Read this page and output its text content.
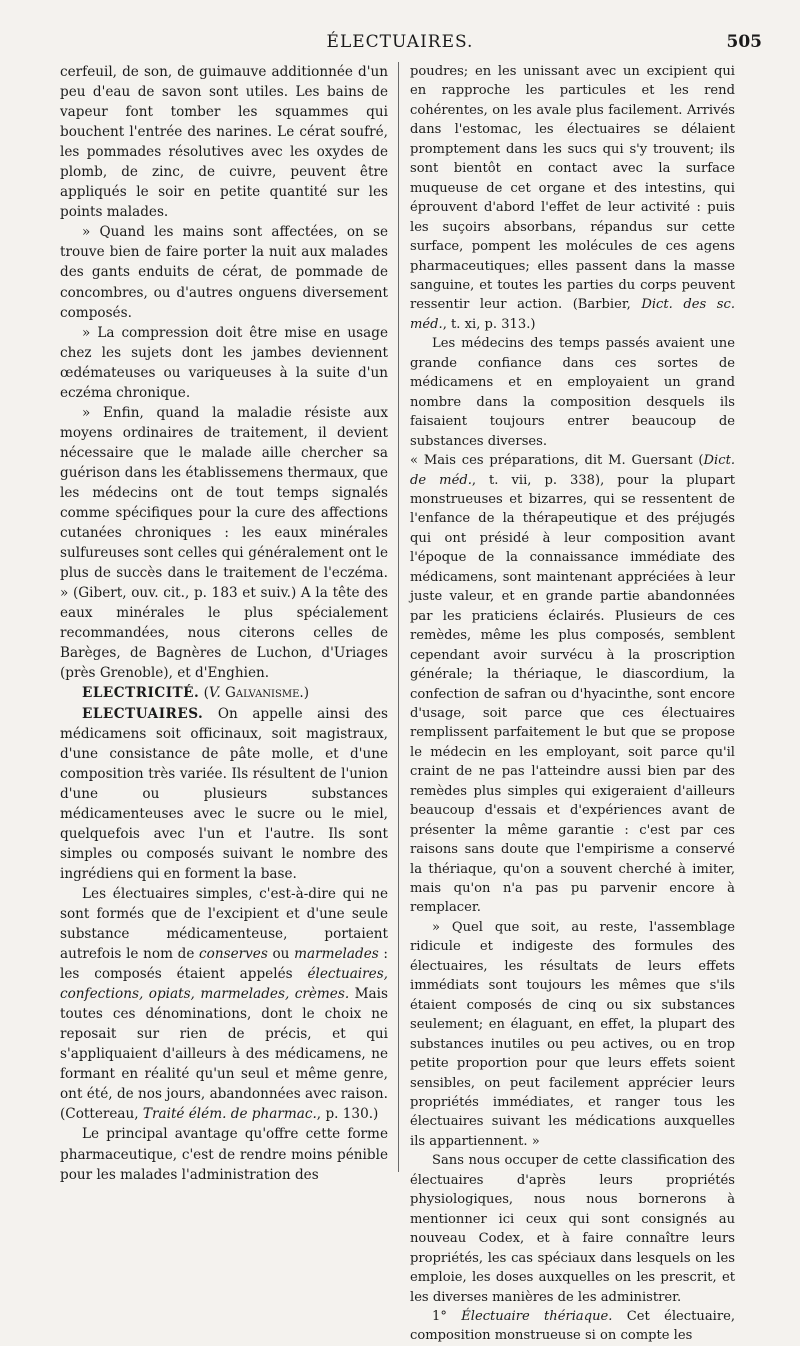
ÉLECTUAIRES.	505

cerfeuil, de son, de guimauve additionnée d'un peu d'eau de savon sont utiles. Les bains de vapeur font tomber les squammes qui bouchent l'entrée des narines. Le cérat soufré, les pommades résolutives avec les oxydes de plomb, de zinc, de cuivre, peuvent être appliqués le soir en petite quantité sur les points malades.

» Quand les mains sont affectées, on se trouve bien de faire porter la nuit aux malades des gants enduits de cérat, de pommade de concombres, ou d'autres onguens diversement composés.

» La compression doit être mise en usage chez les sujets dont les jambes deviennent œdémateuses ou variqueuses à la suite d'un eczéma chronique.

» Enfin, quand la maladie résiste aux moyens ordinaires de traitement, il devient nécessaire que le malade aille chercher sa guérison dans les établissemens thermaux, que les médecins ont de tout temps signalés comme spécifiques pour la cure des affections cutanées chroniques : les eaux minérales sulfureuses sont celles qui généralement ont le plus de succès dans le traitement de l'eczéma. » (Gibert, ouv. cit., p. 183 et suiv.) A la tête des eaux minérales le plus spécialement recommandées, nous citerons celles de Barèges, de Bagnères de Luchon, d'Uriages (près Grenoble), et d'Enghien.

ELECTRICITÉ. (V. Galvanisme.)

ELECTUAIRES. On appelle ainsi des médicamens soit officinaux, soit magistraux, d'une consistance de pâte molle, et d'une composition très variée. Ils résultent de l'union d'une ou plusieurs substances médicamenteuses avec le sucre ou le miel, quelquefois avec l'un et l'autre. Ils sont simples ou composés suivant le nombre des ingrédiens qui en forment la base.

Les électuaires simples, c'est-à-dire qui ne sont formés que de l'excipient et d'une seule substance médicamenteuse, portaient autrefois le nom de conserves ou marmelades : les composés étaient appelés électuaires, confections, opiats, marmelades, crèmes. Mais toutes ces dénominations, dont le choix ne reposait sur rien de précis, et qui s'appliquaient d'ailleurs à des médicamens, ne formant en réalité qu'un seul et même genre, ont été, de nos jours, abandonnées avec raison. (Cottereau, Traité élém. de pharmac., p. 130.)

Le principal avantage qu'offre cette forme pharmaceutique, c'est de rendre moins pénible pour les malades l'administration des

poudres; en les unissant avec un excipient qui en rapproche les particules et les rend cohérentes, on les avale plus facilement. Arrivés dans l'estomac, les électuaires se délaient promptement dans les sucs qui s'y trouvent; ils sont bientôt en contact avec la surface muqueuse de cet organe et des intestins, qui éprouvent d'abord l'effet de leur activité : puis les suçoirs absorbans, répandus sur cette surface, pompent les molécules de ces agens pharmaceutiques; elles passent dans la masse sanguine, et toutes les parties du corps peuvent ressentir leur action. (Barbier, Dict. des sc. méd., t. xi, p. 313.)

Les médecins des temps passés avaient une grande confiance dans ces sortes de médicamens et en employaient un grand nombre dans la composition desquels ils faisaient toujours entrer beaucoup de substances diverses.

« Mais ces préparations, dit M. Guersant (Dict. de méd., t. vii, p. 338), pour la plupart monstrueuses et bizarres, qui se ressentent de l'enfance de la thérapeutique et des préjugés qui ont présidé à leur composition avant l'époque de la connaissance immédiate des médicamens, sont maintenant appréciées à leur juste valeur, et en grande partie abandonnées par les praticiens éclairés. Plusieurs de ces remèdes, même les plus composés, semblent cependant avoir survécu à la proscription générale; la thériaque, le diascordium, la confection de safran ou d'hyacinthe, sont encore d'usage, soit parce que ces électuaires remplissent parfaitement le but que se propose le médecin en les employant, soit parce qu'il craint de ne pas l'atteindre aussi bien par des remèdes plus simples qui exigeraient d'ailleurs beaucoup d'essais et d'expériences avant de présenter la même garantie : c'est par ces raisons sans doute que l'empirisme a conservé la thériaque, qu'on a souvent cherché à imiter, mais qu'on n'a pas pu parvenir encore à remplacer.

» Quel que soit, au reste, l'assemblage ridicule et indigeste des formules des électuaires, les résultats de leurs effets immédiats sont toujours les mêmes que s'ils étaient composés de cinq ou six substances seulement; en élaguant, en effet, la plupart des substances inutiles ou peu actives, ou en trop petite proportion pour que leurs effets soient sensibles, on peut facilement apprécier leurs propriétés immédiates, et ranger tous les électuaires suivant les médications auxquelles ils appartiennent. »

Sans nous occuper de cette classification des électuaires d'après leurs propriétés physiologiques, nous nous bornerons à mentionner ici ceux qui sont consignés au nouveau Codex, et à faire connaître leurs propriétés, les cas spéciaux dans lesquels on les emploie, les doses auxquelles on les prescrit, et les diverses manières de les administrer.

1° Électuaire thériaque. Cet électuaire, composition monstrueuse si on compte les
